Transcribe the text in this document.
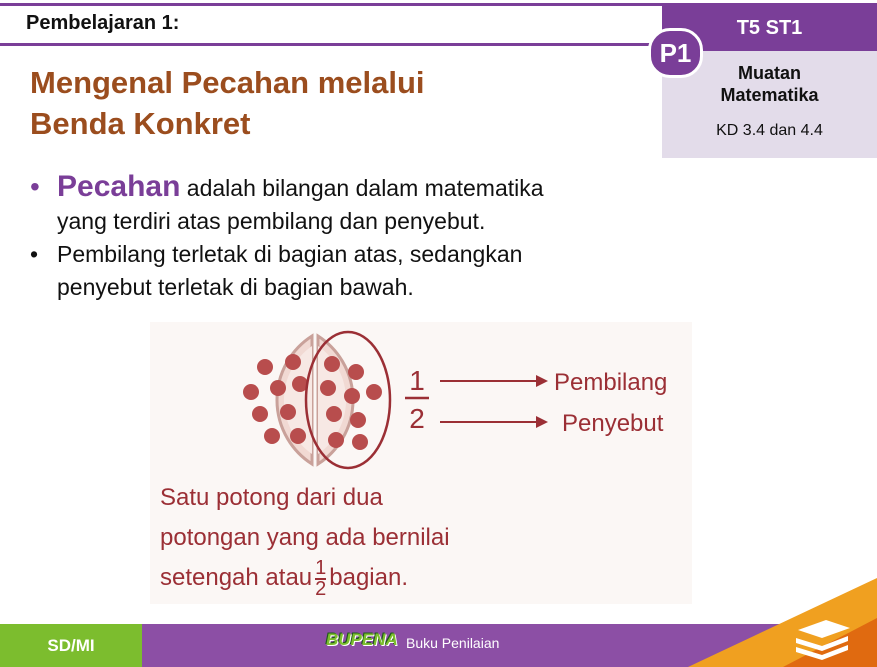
Pembelajaran 1:
Mengenal Pecahan melalui
Benda Konkret
T5 ST1
P1
Muatan
Matematika
KD 3.4 dan 4.4
• Pecahan adalah bilangan dalam matematika
yang terdiri atas pembilang dan penyebut.
• Pembilang terletak di bagian atas, sedangkan
penyebut terletak di bagian bawah.
1
2
Pembilang
Penyebut
Satu potong dari dua
potongan yang ada bernilai
setengah atau $\frac{1}{2}$ bagian.
SD/MI	BUPENA Buku Penilaian
